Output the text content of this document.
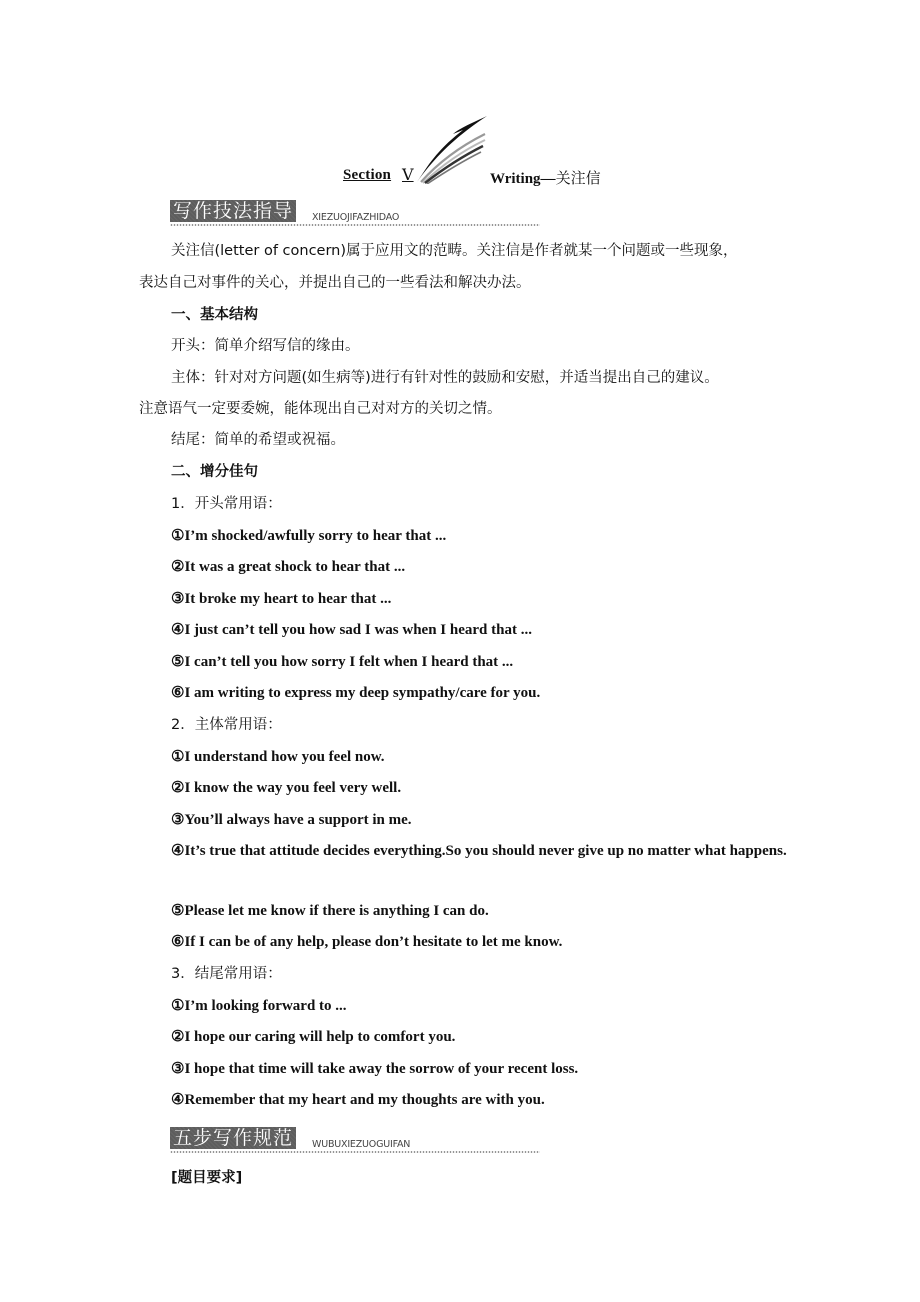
Section Ⅴ	Writing—关注信
写作技法指导	XIEZUOJIFAZHIDAO
关注信(letter of concern)属于应用文的范畴。关注信是作者就某一个问题或一些现象，
表达自己对事件的关心，并提出自己的一些看法和解决办法。
一、基本结构
开头：简单介绍写信的缘由。
主体：针对对方问题(如生病等)进行有针对性的鼓励和安慰，并适当提出自己的建议。
注意语气一定要委婉，能体现出自己对对方的关切之情。
结尾：简单的希望或祝福。
二、增分佳句
1．开头常用语：
①I’m shocked/awfully sorry to hear that ...
②It was a great shock to hear that ...
③It broke my heart to hear that ...
④I just can’t tell you how sad I was when I heard that ...
⑤I can’t tell you how sorry I felt when I heard that ...
⑥I am writing to express my deep sympathy/care for you.
2．主体常用语：
①I understand how you feel now.
②I know the way you feel very well.
③You’ll always have a support in me.
④It’s true that attitude decides everything.So you should never give up no matter what happens.
⑤Please let me know if there is anything I can do.
⑥If I can be of any help, please don’t hesitate to let me know.
3．结尾常用语：
①I’m looking forward to ...
②I hope our caring will help to comfort you.
③I hope that time will take away the sorrow of your recent loss.
④Remember that my heart and my thoughts are with you.
五步写作规范	WUBUXIEZUOGUIFAN
[题目要求]
